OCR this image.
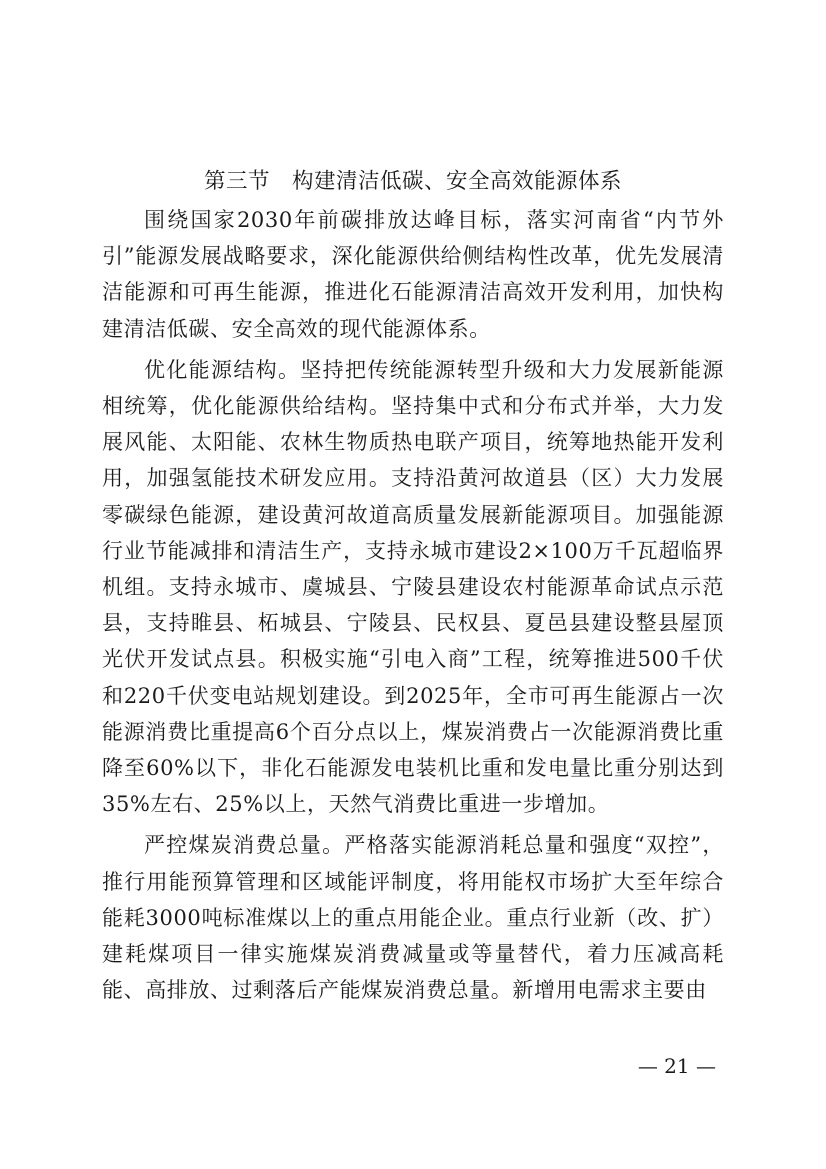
第三节　构建清洁低碳、安全高效能源体系

围绕国家2030年前碳排放达峰目标，落实河南省“内节外引”能源发展战略要求，深化能源供给侧结构性改革，优先发展清洁能源和可再生能源，推进化石能源清洁高效开发利用，加快构建清洁低碳、安全高效的现代能源体系。

优化能源结构。坚持把传统能源转型升级和大力发展新能源相统筹，优化能源供给结构。坚持集中式和分布式并举，大力发展风能、太阳能、农林生物质热电联产项目，统筹地热能开发利用，加强氢能技术研发应用。支持沿黄河故道县（区）大力发展零碳绿色能源，建设黄河故道高质量发展新能源项目。加强能源行业节能减排和清洁生产，支持永城市建设2×100万千瓦超临界机组。支持永城市、虞城县、宁陵县建设农村能源革命试点示范县，支持睢县、柘城县、宁陵县、民权县、夏邑县建设整县屋顶光伏开发试点县。积极实施“引电入商”工程，统筹推进500千伏和220千伏变电站规划建设。到2025年，全市可再生能源占一次能源消费比重提高6个百分点以上，煤炭消费占一次能源消费比重降至60%以下，非化石能源发电装机比重和发电量比重分别达到35%左右、25%以上，天然气消费比重进一步增加。

严控煤炭消费总量。严格落实能源消耗总量和强度“双控”，推行用能预算管理和区域能评制度，将用能权市场扩大至年综合能耗3000吨标准煤以上的重点用能企业。重点行业新（改、扩）建耗煤项目一律实施煤炭消费减量或等量替代，着力压减高耗能、高排放、过剩落后产能煤炭消费总量。新增用电需求主要由

— 21 —
